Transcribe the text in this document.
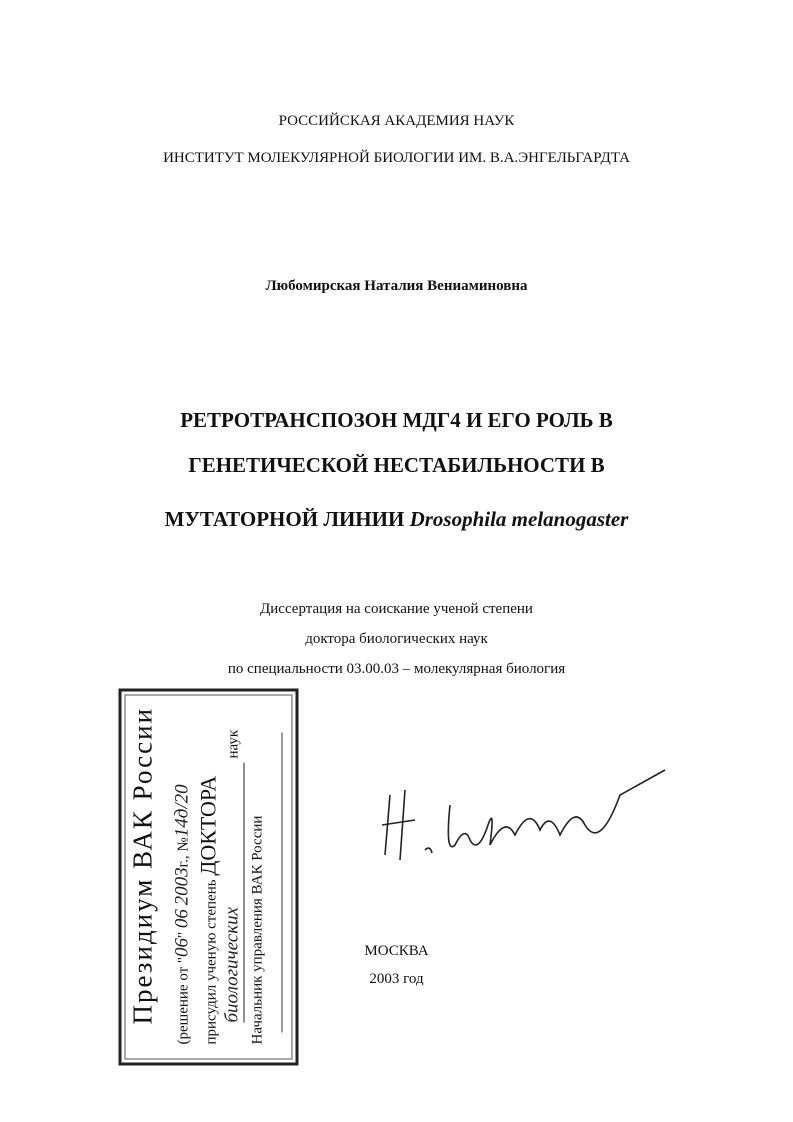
РОССИЙСКАЯ АКАДЕМИЯ НАУК
ИНСТИТУТ МОЛЕКУЛЯРНОЙ БИОЛОГИИ ИМ. В.А.ЭНГЕЛЬГАРДТА
Любомирская Наталия Вениаминовна
РЕТРОТРАНСПОЗОН МДГ4 И ЕГО РОЛЬ В
ГЕНЕТИЧЕСКОЙ НЕСТАБИЛЬНОСТИ В
МУТАТОРНОЙ ЛИНИИ Drosophila melanogaster
Диссертация на соискание ученой степени
доктора биологических наук
по специальности 03.00.03 – молекулярная биология
МОСКВА
2003 год
Президиум ВАК России (решение от "06" 06 2003г., №14д/20
присудил ученую степень ДОКТОРА
биологических наук
Начальник управления ВАК России
